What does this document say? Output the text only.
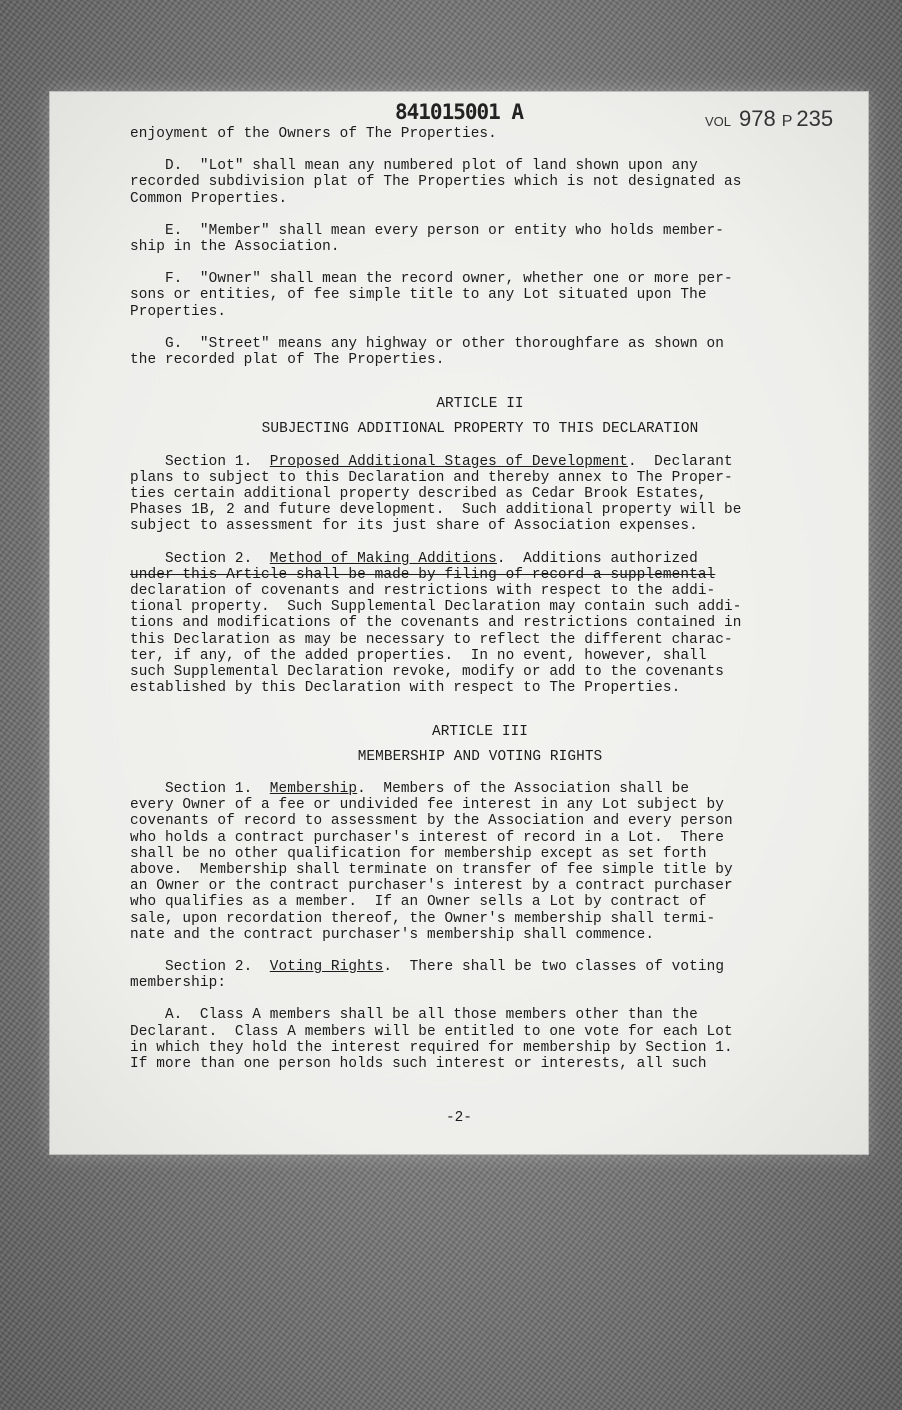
841015001 A	VOL 978 P 235
enjoyment of the Owners of The Properties.
D.  "Lot" shall mean any numbered plot of land shown upon any
recorded subdivision plat of The Properties which is not designated as
Common Properties.
E.  "Member" shall mean every person or entity who holds member-
ship in the Association.
F.  "Owner" shall mean the record owner, whether one or more per-
sons or entities, of fee simple title to any Lot situated upon The
Properties.
G.  "Street" means any highway or other thoroughfare as shown on
the recorded plat of The Properties.
ARTICLE II
SUBJECTING ADDITIONAL PROPERTY TO THIS DECLARATION
Section 1.  Proposed Additional Stages of Development.  Declarant
plans to subject to this Declaration and thereby annex to The Proper-
ties certain additional property described as Cedar Brook Estates,
Phases 1B, 2 and future development.  Such additional property will be
subject to assessment for its just share of Association expenses.
Section 2.  Method of Making Additions.  Additions authorized
under this Article shall be made by filing of record a supplemental
declaration of covenants and restrictions with respect to the addi-
tional property.  Such Supplemental Declaration may contain such addi-
tions and modifications of the covenants and restrictions contained in
this Declaration as may be necessary to reflect the different charac-
ter, if any, of the added properties.  In no event, however, shall
such Supplemental Declaration revoke, modify or add to the covenants
established by this Declaration with respect to The Properties.
ARTICLE III
MEMBERSHIP AND VOTING RIGHTS
Section 1.  Membership.  Members of the Association shall be
every Owner of a fee or undivided fee interest in any Lot subject by
covenants of record to assessment by the Association and every person
who holds a contract purchaser's interest of record in a Lot.  There
shall be no other qualification for membership except as set forth
above.  Membership shall terminate on transfer of fee simple title by
an Owner or the contract purchaser's interest by a contract purchaser
who qualifies as a member.  If an Owner sells a Lot by contract of
sale, upon recordation thereof, the Owner's membership shall termi-
nate and the contract purchaser's membership shall commence.
Section 2.  Voting Rights.  There shall be two classes of voting
membership:
A.  Class A members shall be all those members other than the
Declarant.  Class A members will be entitled to one vote for each Lot
in which they hold the interest required for membership by Section 1.
If more than one person holds such interest or interests, all such
-2-
